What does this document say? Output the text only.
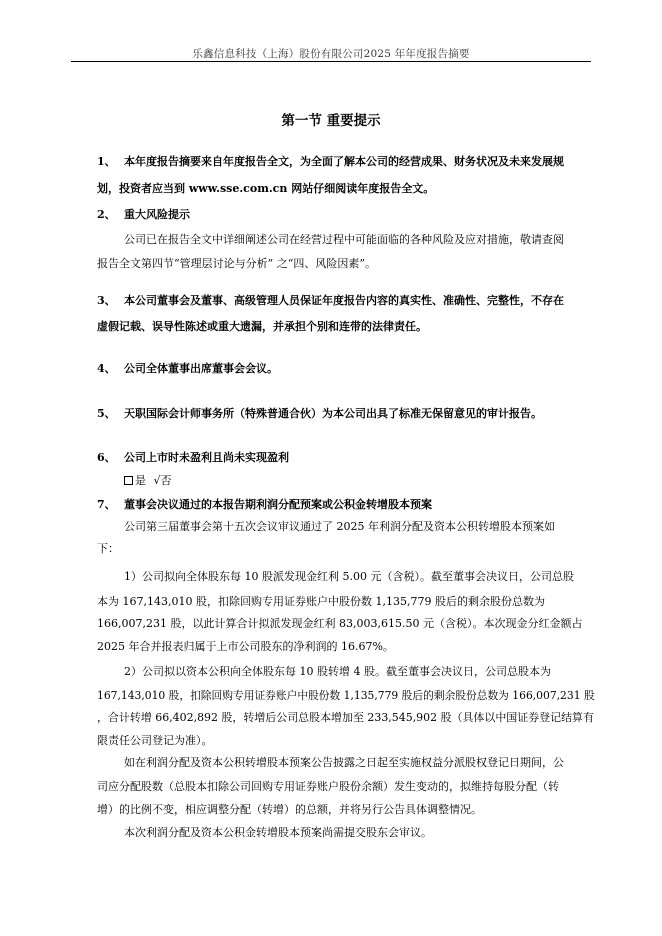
乐鑫信息科技（上海）股份有限公司2025 年年度报告摘要
第一节 重要提示
1、 本年度报告摘要来自年度报告全文，为全面了解本公司的经营成果、财务状况及未来发展规
划，投资者应当到 www.sse.com.cn 网站仔细阅读年度报告全文。
2、 重大风险提示
公司已在报告全文中详细阐述公司在经营过程中可能面临的各种风险及应对措施，敬请查阅
报告全文第四节“管理层讨论与分析” 之“四、风险因素”。
3、 本公司董事会及董事、高级管理人员保证年度报告内容的真实性、准确性、完整性，不存在
虚假记载、误导性陈述或重大遗漏，并承担个别和连带的法律责任。
4、 公司全体董事出席董事会会议。
5、 天职国际会计师事务所（特殊普通合伙）为本公司出具了标准无保留意见的审计报告。
6、 公司上市时未盈利且尚未实现盈利
是 √否
7、 董事会决议通过的本报告期利润分配预案或公积金转增股本预案
公司第三届董事会第十五次会议审议通过了 2025 年利润分配及资本公积转增股本预案如
下：
1）公司拟向全体股东每 10 股派发现金红利 5.00 元（含税）。截至董事会决议日，公司总股
本为 167,143,010 股，扣除回购专用证券账户中股份数 1,135,779 股后的剩余股份总数为
166,007,231 股，以此计算合计拟派发现金红利 83,003,615.50 元（含税）。本次现金分红金额占
2025 年合并报表归属于上市公司股东的净利润的 16.67%。
2）公司拟以资本公积向全体股东每 10 股转增 4 股。截至董事会决议日，公司总股本为
167,143,010 股，扣除回购专用证券账户中股份数 1,135,779 股后的剩余股份总数为 166,007,231 股
，合计转增 66,402,892 股，转增后公司总股本增加至 233,545,902 股（具体以中国证券登记结算有
限责任公司登记为准）。
如在利润分配及资本公积转增股本预案公告披露之日起至实施权益分派股权登记日期间，公
司应分配股数（总股本扣除公司回购专用证券账户股份余额）发生变动的，拟维持每股分配（转
增）的比例不变，相应调整分配（转增）的总额，并将另行公告具体调整情况。
本次利润分配及资本公积金转增股本预案尚需提交股东会审议。
